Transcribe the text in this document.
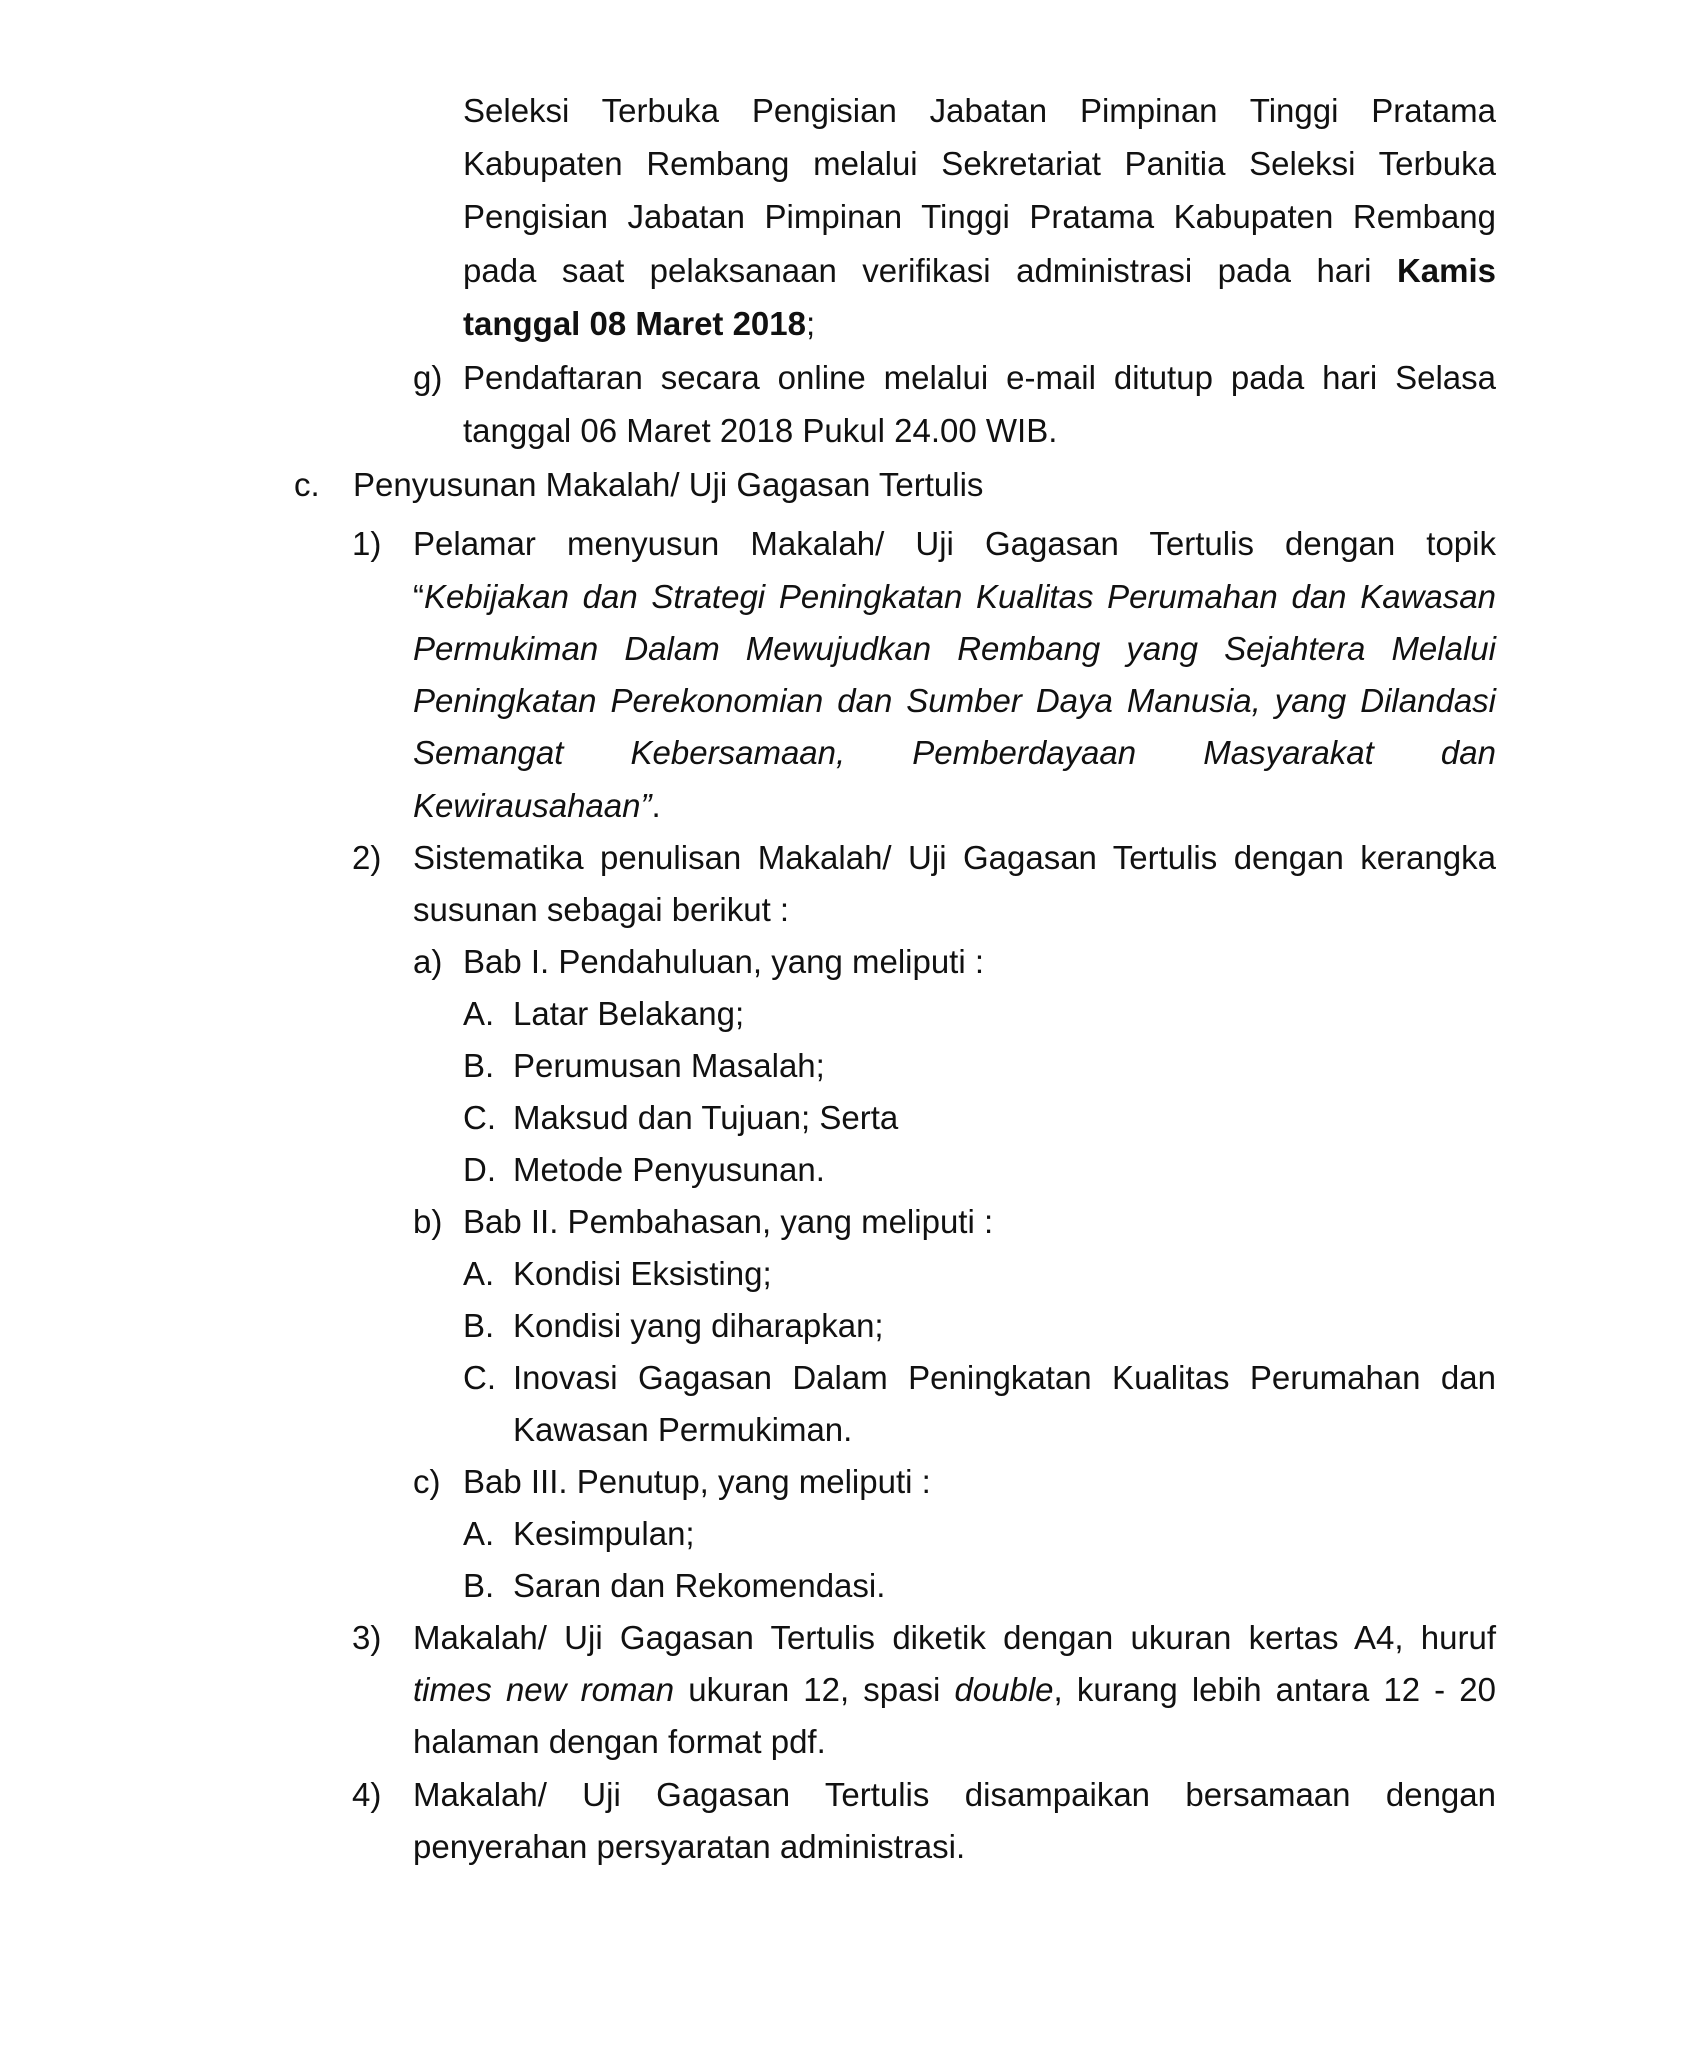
Seleksi Terbuka Pengisian Jabatan Pimpinan Tinggi Pratama
Kabupaten Rembang melalui Sekretariat Panitia Seleksi Terbuka
Pengisian Jabatan Pimpinan Tinggi Pratama Kabupaten Rembang
pada saat pelaksanaan verifikasi administrasi pada hari Kamis
tanggal 08 Maret 2018;
g) Pendaftaran secara online melalui e-mail ditutup pada hari Selasa
tanggal 06 Maret 2018 Pukul 24.00 WIB.
c. Penyusunan Makalah/ Uji Gagasan Tertulis
1) Pelamar menyusun Makalah/ Uji Gagasan Tertulis dengan topik
“Kebijakan dan Strategi Peningkatan Kualitas Perumahan dan Kawasan
Permukiman Dalam Mewujudkan Rembang yang Sejahtera Melalui
Peningkatan Perekonomian dan Sumber Daya Manusia, yang Dilandasi
Semangat Kebersamaan, Pemberdayaan Masyarakat dan
Kewirausahaan”.
2) Sistematika penulisan Makalah/ Uji Gagasan Tertulis dengan kerangka
susunan sebagai berikut :
a) Bab I. Pendahuluan, yang meliputi :
A. Latar Belakang;
B. Perumusan Masalah;
C. Maksud dan Tujuan; Serta
D. Metode Penyusunan.
b) Bab II. Pembahasan, yang meliputi :
A. Kondisi Eksisting;
B. Kondisi yang diharapkan;
C. Inovasi Gagasan Dalam Peningkatan Kualitas Perumahan dan
Kawasan Permukiman.
c) Bab III. Penutup, yang meliputi :
A. Kesimpulan;
B. Saran dan Rekomendasi.
3) Makalah/ Uji Gagasan Tertulis diketik dengan ukuran kertas A4, huruf
times new roman ukuran 12, spasi double, kurang lebih antara 12 - 20
halaman dengan format pdf.
4) Makalah/ Uji Gagasan Tertulis disampaikan bersamaan dengan
penyerahan persyaratan administrasi.
